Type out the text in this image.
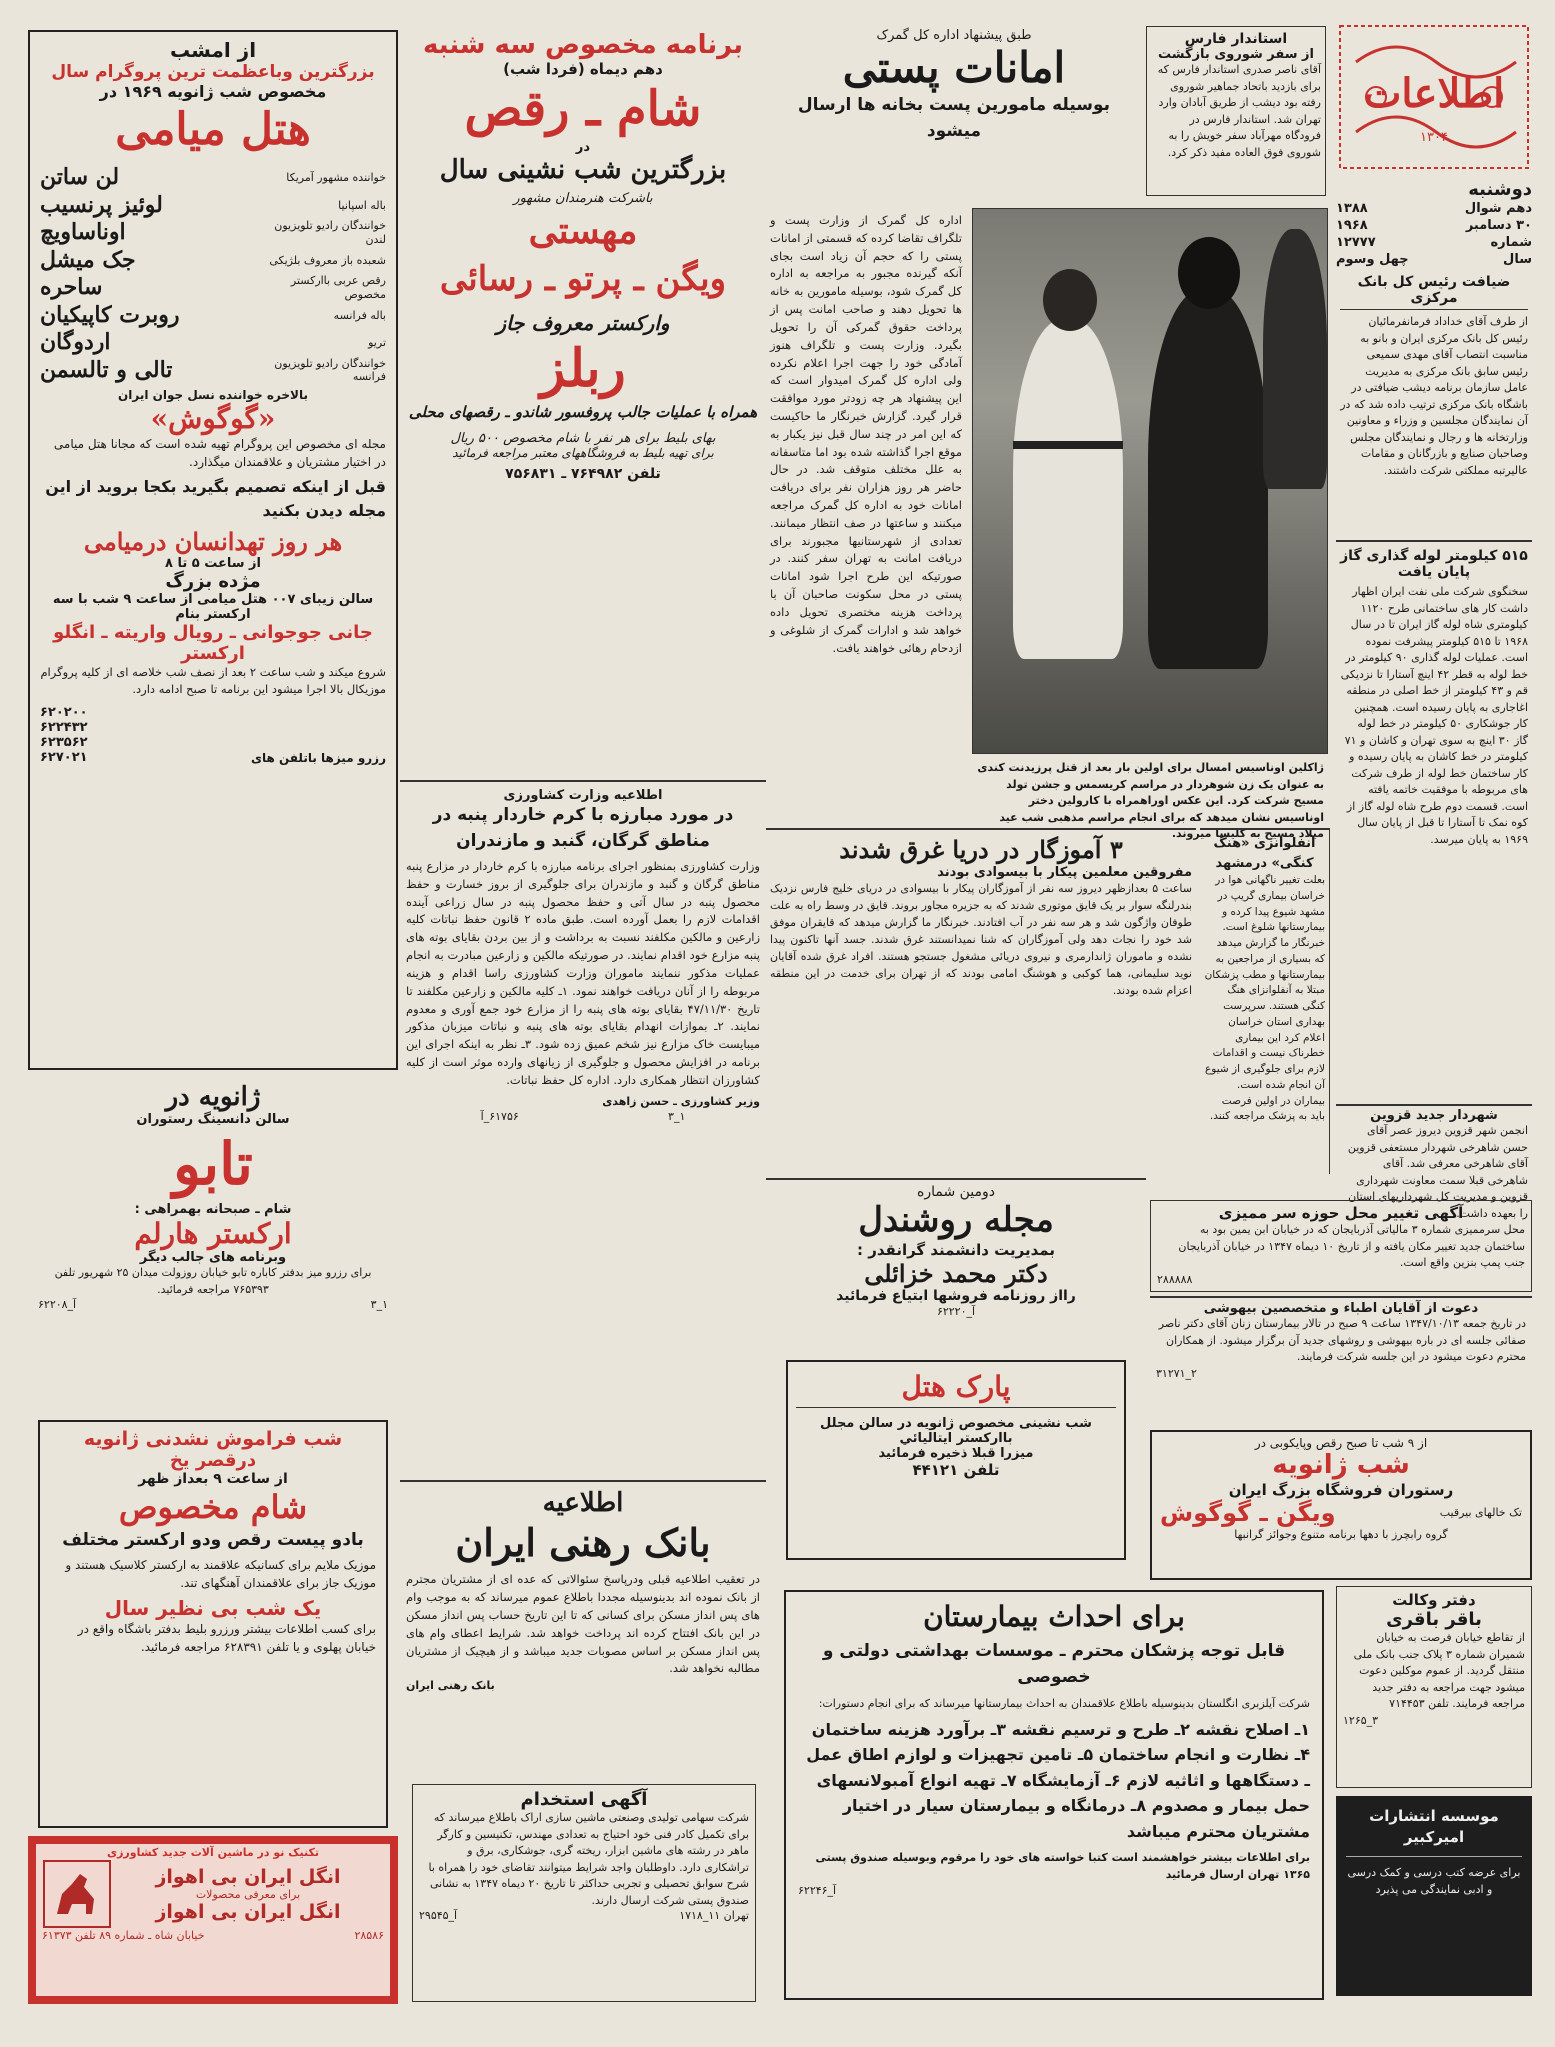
اطلاعات
۱۳۰۴
دوشنبه
دهم شوال
۱۳۸۸
۳۰ دسامبر
۱۹۶۸
شماره
۱۲۷۷۷
سال
چهل وسوم

استاندار فارس

از سفر شوروی بازگشت

آقای ناصر صدری استاندار فارس که برای بازدید باتحاد جماهیر شوروی رفته بود دیشب از طریق آبادان وارد تهران شد. استاندار فارس در فرودگاه مهرآباد سفر خویش را به شوروی فوق العاده مفید ذکر کرد.

ضیافت رئیس کل بانک مرکزی

از طرف آقای خداداد فرمانفرمائیان رئیس کل بانک مرکزی ایران و بانو به مناسبت انتصاب آقای مهدی سمیعی رئیس سابق بانک مرکزی به مدیریت عامل سازمان برنامه دیشب ضیافتی در باشگاه بانک مرکزی ترتیب داده شد که در آن نمایندگان مجلسین و وزراء و معاونین وزارتخانه ها و رجال و نمایندگان مجلس وصاحبان صنایع و بازرگانان و مقامات عالیرتبه مملکتی شرکت داشتند.

۵۱۵ کیلومتر لوله گذاری گاز پایان یافت

سخنگوی شرکت ملی نفت ایران اظهار داشت کار های ساختمانی طرح ۱۱۲۰ کیلومتری شاه لوله گاز ایران تا در سال ۱۹۶۸ تا ۵۱۵ کیلومتر پیشرفت نموده است. عملیات لوله گذاری ۹۰ کیلومتر در خط لوله به قطر ۴۲ اینچ آستارا تا نزدیکی قم و ۴۳ کیلومتر از خط اصلی در منطقه اغاجاری به پایان رسیده است. همچنین کار جوشکاری ۵۰ کیلومتر در خط لوله گاز ۳۰ اینچ به سوی تهران و کاشان و ۷۱ کیلومتر در خط کاشان به پایان رسیده و کار ساختمان خط لوله از طرف شرکت های مربوطه با موفقیت خاتمه یافته است. قسمت دوم طرح شاه لوله گاز از کوه نمک تا آستارا تا قبل از پایان سال ۱۹۶۹ به پایان میرسد.

شهردار جدید قزوین

انجمن شهر قزوین دیروز عصر آقای حسن شاهرخی شهردار مستعفی قزوین آقای شاهرخی معرفی شد. آقای شاهرخی قبلا سمت معاونت شهرداری قزوین و مدیریت کل شهرداریهای استان را بعهده داشت.

آگهی تغییر محل حوزه سر ممیزی

محل سرممیزی شماره ۳ مالیاتی آذربایجان که در خیابان ابن یمین بود به ساختمان جدید تغییر مکان یافته و از تاریخ ۱۰ دیماه ۱۳۴۷ در خیابان آذربایجان جنب پمپ بنزین واقع است.

۲۸۸۸۸۸

دعوت از آقایان اطباء و متخصصین بیهوشی

در تاریخ جمعه ۱۳۴۷/۱۰/۱۳ ساعت ۹ صبح در تالار بیمارستان زنان آقای دکتر ناصر صفائی جلسه ای در باره بیهوشی و روشهای جدید آن برگزار میشود. از همکاران محترم دعوت میشود در این جلسه شرکت فرمایند.

۲_۳۱۲۷۱

از ۹ شب تا صبح رقص وپایکوبی در

شب ژانویه

رستوران فروشگاه بزرگ ایران

تک خالهای بیرقیب
ویگن ـ گوگوش

گروه رابچرز با دهها برنامه متنوع وجوائز گرانبها

دفتر وکالت

باقر باقری

از تقاطع خیابان فرصت به خیابان شمیران شماره ۳ پلاک جنب بانک ملی منتقل گردید. از عموم موکلین دعوت میشود جهت مراجعه به دفتر جدید مراجعه فرمایند. تلفن ۷۱۴۴۵۳

۳_۱۲۶۵

موسسه انتشارات امیرکبیر

برای عرضه کتب درسی و کمک درسی و ادبی نمایندگی می پذیرد

طبق پیشنهاد اداره کل گمرک

امانات پستی

بوسیله مامورین پست بخانه ها ارسال میشود

اداره کل گمرک از وزارت پست و تلگراف تقاضا کرده که قسمتی از امانات پستی را که حجم آن زیاد است بجای آنکه گیرنده مجبور به مراجعه به اداره کل گمرک شود، بوسیله مامورین به خانه ها تحویل دهند و صاحب امانت پس از پرداخت حقوق گمرکی آن را تحویل بگیرد. وزارت پست و تلگراف هنوز آمادگی خود را جهت اجرا اعلام نکرده ولی اداره کل گمرک امیدوار است که این پیشنهاد هر چه زودتر مورد موافقت قرار گیرد. گزارش خبرنگار ما حاکیست که این امر در چند سال قبل نیز یکبار به موقع اجرا گذاشته شده بود اما متاسفانه به علل مختلف متوقف شد. در حال حاضر هر روز هزاران نفر برای دریافت امانات خود به اداره کل گمرک مراجعه میکنند و ساعتها در صف انتظار میمانند. تعدادی از شهرستانیها مجبورند برای دریافت امانت به تهران سفر کنند. در صورتیکه این طرح اجرا شود امانات پستی در محل سکونت صاحبان آن با پرداخت هزینه مختصری تحویل داده خواهد شد و ادارات گمرک از شلوغی و ازدحام رهائی خواهند یافت.

ژاکلین اوناسیس امسال برای اولین بار بعد از قتل پرزیدنت کندی به عنوان یک زن شوهردار در مراسم کریسمس و جشن تولد مسیح شرکت کرد. این عکس اوراهمراه با کارولین دختر اوناسیس نشان میدهد که برای انجام مراسم مذهبی شب عید میلاد مسیح به کلیسا میروند.

۳ آموزگار در دریا غرق شدند

مفروقین معلمین پیکار با بیسوادی بودند

ساعت ۵ بعدازظهر دیروز سه نفر از آموزگاران پیکار با بیسوادی در دریای خلیج فارس نزدیک بندرلنگه سوار بر یک قایق موتوری شدند که به جزیره مجاور بروند. قایق در وسط راه به علت طوفان واژگون شد و هر سه نفر در آب افتادند. خبرنگار ما گزارش میدهد که قایقران موفق شد خود را نجات دهد ولی آموزگاران که شنا نمیدانستند غرق شدند. جسد آنها تاکنون پیدا نشده و ماموران ژاندارمری و نیروی دریائی مشغول جستجو هستند. افراد غرق شده آقایان نوید سلیمانی، هما کوکبی و هوشنگ امامی بودند که از تهران برای خدمت در این منطقه اعزام شده بودند.

آنفلوانزی «هنگ کنگی» درمشهد

بعلت تغییر ناگهانی هوا در خراسان بیماری گریپ در مشهد شیوع پیدا کرده و بیمارستانها شلوغ است. خبرنگار ما گزارش میدهد که بسیاری از مراجعین به بیمارستانها و مطب پزشکان مبتلا به آنفلوانزای هنگ کنگی هستند. سرپرست بهداری استان خراسان اعلام کرد این بیماری خطرناک نیست و اقدامات لازم برای جلوگیری از شیوع آن انجام شده است. بیماران در اولین فرصت باید به پزشک مراجعه کنند.

دومین شماره

مجله روشندل

بمدیریت دانشمند گرانقدر :

دکتر محمد خزائلی

رااز روزنامه فروشها ابتیاع فرمائید

آ_۶۲۲۲۰

پارک هتل

شب نشینی مخصوص ژانویه در سالن مجلل

بااركستر ايتاليائي

میزرا قبلا ذخیره فرمائید

تلفن ۴۴۱۲۱

برای احداث بیمارستان

قابل توجه پزشکان محترم ـ موسسات بهداشتی دولتی و خصوصی

شرکت آیلزبری انگلستان بدینوسیله باطلاع علاقمندان به احداث بیمارستانها میرساند که برای انجام دستورات:

۱ـ اصلاح نقشه ۲ـ طرح و ترسیم نقشه ۳ـ برآورد هزینه ساختمان ۴ـ نظارت و انجام ساختمان ۵ـ تامین تجهیزات و لوازم اطاق عمل ـ دستگاهها و اثاثیه لازم ۶ـ آزمایشگاه ۷ـ تهیه انواع آمبولانسهای حمل بیمار و مصدوم ۸ـ درمانگاه و بیمارستان سیار در اختیار مشتریان محترم میباشد

برای اطلاعات بیشتر خواهشمند است کتبا خواسته های خود را مرقوم وبوسیله صندوق پستی ۱۳۶۵ تهران ارسال فرمائید

آ_۶۲۲۴۶

برنامه مخصوص سه شنبه

دهم دیماه (فردا شب)

شام ـ رقص

در

بزرگترین شب نشینی سال

باشرکت هنرمندان مشهور

مهستی

ویگن ـ پرتو ـ رسائی

وارکستر معروف جاز

ربلز

همراه با عملیات جالب پروفسور شاندو ـ رقصهای محلی

بهای بلیط برای هر نفر با شام مخصوص ۵۰۰ ریال

برای تهیه بلیط به فروشگاههای معتبر مراجعه فرمائید

تلفن ۷۶۴۹۸۲ ـ ۷۵۶۸۳۱

اطلاعیه وزارت کشاورزی

در مورد مبارزه با کرم خاردار پنبه در مناطق گرگان، گنبد و مازندران

وزارت کشاورزی بمنظور اجرای برنامه مبارزه با کرم خاردار در مزارع پنبه مناطق گرگان و گنبد و مازندران برای جلوگیری از بروز خسارت و حفظ محصول پنبه در سال آتی و حفظ محصول پنبه در سال زراعی آینده اقدامات لازم را بعمل آورده است. طبق ماده ۲ قانون حفظ نباتات کلیه زارعین و مالکین مکلفند نسبت به برداشت و از بین بردن بقایای بوته های پنبه مزارع خود اقدام نمایند. در صورتیکه مالکین و زارعین مبادرت به انجام عملیات مذکور ننمایند ماموران وزارت کشاورزی راسا اقدام و هزینه مربوطه را از آنان دریافت خواهند نمود. ۱ـ کلیه مالکین و زارعین مکلفند تا تاریخ ۴۷/۱۱/۳۰ بقایای بوته های پنبه را از مزارع خود جمع آوری و معدوم نمایند. ۲ـ بموازات انهدام بقایای بوته های پنبه و نباتات میزبان مذکور میبایست خاک مزارع نیز شخم عمیق زده شود. ۳ـ نظر به اینکه اجرای این برنامه در افزایش محصول و جلوگیری از زیانهای وارده موثر است از کلیه کشاورزان انتظار همکاری دارد. اداره کل حفظ نباتات.

وزیر کشاورزی ـ حسن زاهدی

۱_۳
۶۱۷۵۶_آ

اطلاعیه

بانک رهنی ایران

در تعقیب اطلاعیه قبلی ودرپاسخ سئوالاتی که عده ای از مشتریان مجترم از بانک نموده اند بدینوسیله مجددا باطلاع عموم میرساند که به موجب وام های پس انداز مسکن برای کسانی که تا این تاریخ حساب پس انداز مسکن در این بانک افتتاح کرده اند پرداخت خواهد شد. شرایط اعطای وام های پس انداز مسکن بر اساس مصوبات جدید میباشد و از هیچیک از مشتریان مطالبه نخواهد شد.

بانک رهنی ایران

آگهی استخدام

شرکت سهامی تولیدی وصنعتی ماشین سازی اراک باطلاع میرساند که برای تکمیل کادر فنی خود احتیاج به تعدادی مهندس، تکنیسین و کارگر ماهر در رشته های ماشین ابزار، ریخته گری، جوشکاری، برق و تراشکاری دارد. داوطلبان واجد شرایط میتوانند تقاضای خود را همراه با شرح سوابق تحصیلی و تجربی حداکثر تا تاریخ ۲۰ دیماه ۱۳۴۷ به نشانی صندوق پستی شرکت ارسال دارند.

تهران ۱۱_۱۷۱۸
آ_۲۹۵۴۵

از امشب

بزرگترین وباعظمت ترین پروگرام سال

مخصوص شب ژانویه ۱۹۶۹ در

هتل میامی

خواننده مشهور آمریکا
لن ساتن
باله اسپانیا
لوئیز پرنسیب
خوانندگان رادیو تلویزیون لندن
اوناساویچ
شعبده باز معروف بلژیکی
جک میشل
رقص عربی بااركستر مخصوص
ساحره
باله فرانسه
روبرت کاپیکیان
تریو
اردوگان
خوانندگان رادیو تلویزیون فرانسه
تالی و تالسمن

بالاخره خواننده نسل جوان ایران

«گوگوش»

مجله ای مخصوص این پروگرام تهیه شده است که مجانا هتل میامی در اختیار مشتریان و علاقمندان میگذارد.

قبل از اینکه تصمیم بگیرید بکجا بروید از این مجله دیدن بکنید

هر روز تهدانسان درمیامی

از ساعت ۵ تا ۸

مژده بزرگ

سالن زیبای ۰۰۷ هتل میامی از ساعت ۹ شب با سه اركستر بنام

جانی جوجوانی ـ رویال واریته ـ انگلو ارکستر

شروع میکند و شب ساعت ۲ بعد از نصف شب خلاصه ای از کلیه پروگرام موزیکال بالا اجرا میشود این برنامه تا صبح ادامه دارد.

رزرو میزها باتلفن های
۶۲۰۲۰۰
۶۲۲۴۳۲
۶۲۳۵۶۲
۶۲۷۰۲۱

ژانویه در

سالن دانسینگ رستوران

تابو

شام ـ صبحانه بهمراهی :

اركستر هارلم

وبرنامه های جالب دیگر

برای رزرو میز بدفتر کاباره تابو خیابان روزولت میدان ۲۵ شهریور تلفن ۷۶۵۳۹۳ مراجعه فرمائید.

۱_۳
آ_۶۲۲۰۸

شب فراموش نشدنی ژانویه

درقصر یخ

از ساعت ۹ بعداز ظهر

شام مخصوص

بادو پیست رقص ودو اركستر مختلف

موزیک ملایم برای کسانیکه علاقمند به اركستر کلاسیک هستند و موزیک جاز برای علاقمندان آهنگهای تند.

یک شب بی نظیر سال

برای کسب اطلاعات بیشتر ورزرو بلیط بدفتر باشگاه واقع در خیابان پهلوی و یا تلفن ۶۲۸۳۹۱ مراجعه فرمائید.

تکنیک نو در ماشین آلات جدید کشاورزی

انگل ایران بی اهواز

برای معرفی محصولات

انگل ایران بی اهواز

۲۸۵۸۶
خیابان شاه ـ شماره ۸۹ تلفن ۶۱۳۷۳
